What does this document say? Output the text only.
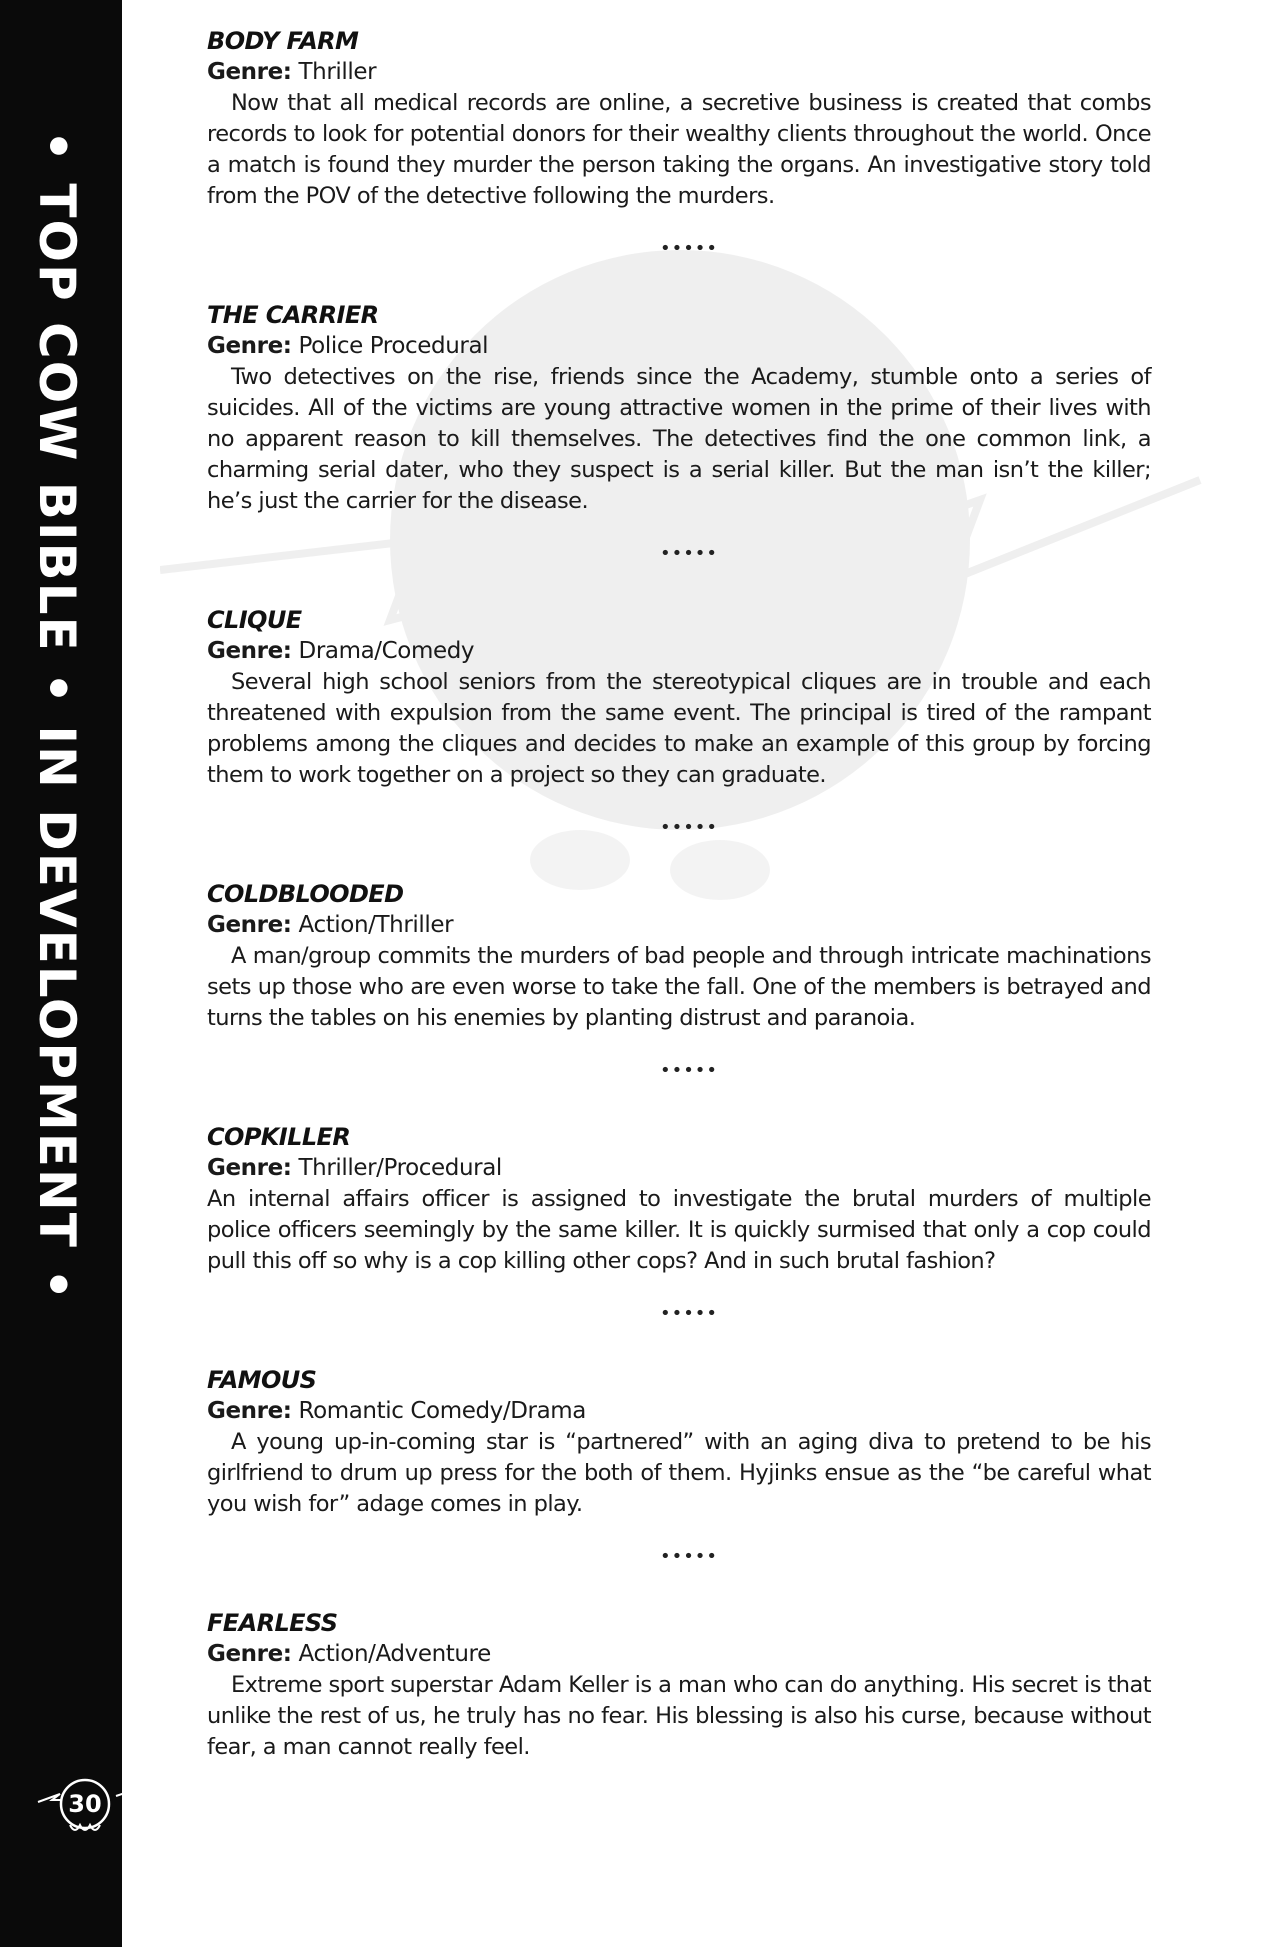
• TOP COW BIBLE • IN DEVELOPMENT •
30
BODY FARM
Genre: Thriller
Now that all medical records are online, a secretive business is created that combs records to look for potential donors for their wealthy clients throughout the world. Once a match is found they murder the person taking the organs. An investigative story told from the POV of the detective following the murders.
•••••
THE CARRIER
Genre: Police Procedural
Two detectives on the rise, friends since the Academy, stumble onto a series of suicides. All of the victims are young attractive women in the prime of their lives with no apparent reason to kill themselves. The detectives find the one common link, a charming serial dater, who they suspect is a serial killer. But the man isn’t the killer; he’s just the carrier for the disease.
•••••
CLIQUE
Genre: Drama/Comedy
Several high school seniors from the stereotypical cliques are in trouble and each threatened with expulsion from the same event. The principal is tired of the rampant problems among the cliques and decides to make an example of this group by forcing them to work together on a project so they can graduate.
•••••
COLDBLOODED
Genre: Action/Thriller
A man/group commits the murders of bad people and through intricate machinations sets up those who are even worse to take the fall. One of the members is betrayed and turns the tables on his enemies by planting distrust and paranoia.
•••••
COPKILLER
Genre: Thriller/Procedural
An internal affairs officer is assigned to investigate the brutal murders of multiple police officers seemingly by the same killer. It is quickly surmised that only a cop could pull this off so why is a cop killing other cops? And in such brutal fashion?
•••••
FAMOUS
Genre: Romantic Comedy/Drama
A young up-in-coming star is “partnered” with an aging diva to pretend to be his girlfriend to drum up press for the both of them. Hyjinks ensue as the “be careful what you wish for” adage comes in play.
•••••
FEARLESS
Genre: Action/Adventure
Extreme sport superstar Adam Keller is a man who can do anything. His secret is that unlike the rest of us, he truly has no fear. His blessing is also his curse, because without fear, a man cannot really feel.
